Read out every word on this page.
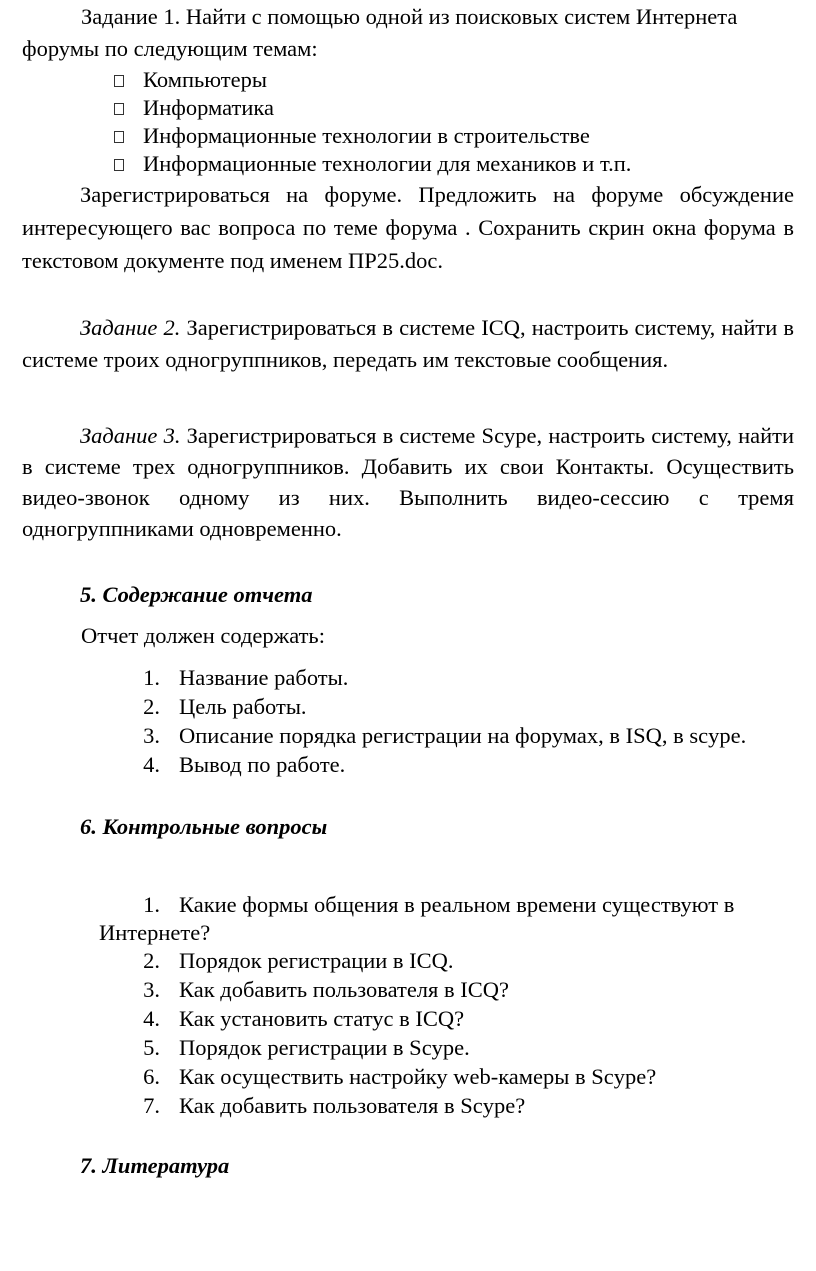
Задание 1. Найти с помощью одной из поисковых систем Интернета

форумы по следующим темам:

Компьютеры
Информатика
Информационные технологии в строительстве
Информационные технологии для механиков и т.п.

Зарегистрироваться на форуме. Предложить на форуме обсуждение интересующего вас вопроса по теме форума . Сохранить скрин окна форума в текстовом документе под именем ПР25.doc.

Задание 2. Зарегистрироваться в системе ICQ, настроить систему, найти в системе троих одногруппников, передать им текстовые сообщения.

Задание 3. Зарегистрироваться в системе Scype, настроить систему, найти в системе трех одногруппников. Добавить их свои Контакты. Осуществить видео-звонок одному из них. Выполнить видео-сессию с тремя одногруппниками одновременно.

5. Содержание отчета

Отчет должен содержать:

1. Название работы.
2. Цель работы.
3. Описание порядка регистрации на форумах, в ISQ, в scype.
4. Вывод по работе.

6. Контрольные вопросы

1. Какие формы общения в реальном времени существуют в

Интернете?

2. Порядок регистрации в ICQ.
3. Как добавить пользователя в ICQ?
4. Как установить статус в ICQ?
5. Порядок регистрации в Scype.
6. Как осуществить настройку web-камеры в Scype?
7. Как добавить пользователя в Scype?

7. Литература
